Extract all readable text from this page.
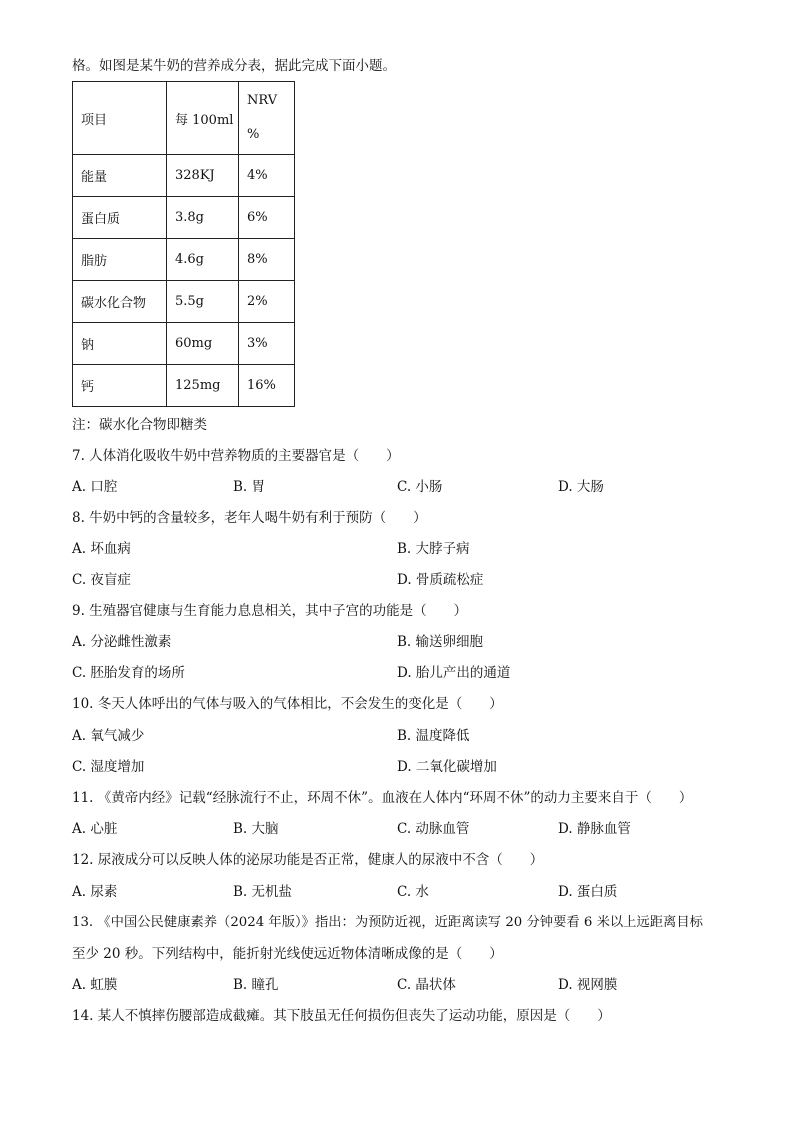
格。如图是某牛奶的营养成分表，据此完成下面小题。
项目	每 100ml	NRV
%

能量	328KJ	4%
蛋白质	3.8g	6%
脂肪	4.6g	8%
碳水化合物	5.5g	2%
钠	60mg	3%
钙	125mg	16%
注：碳水化合物即糖类
7. 人体消化吸收牛奶中营养物质的主要器官是（　　）
A. 口腔	B. 胃	C. 小肠	D. 大肠
8. 牛奶中钙的含量较多，老年人喝牛奶有利于预防（　　）
A. 坏血病	B. 大脖子病
C. 夜盲症	D. 骨质疏松症
9. 生殖器官健康与生育能力息息相关，其中子宫的功能是（　　）
A. 分泌雌性激素	B. 输送卵细胞
C. 胚胎发育的场所	D. 胎儿产出的通道
10. 冬天人体呼出的气体与吸入的气体相比，不会发生的变化是（　　）
A. 氧气减少	B. 温度降低
C. 湿度增加	D. 二氧化碳增加
11. 《黄帝内经》记载“经脉流行不止，环周不休”。血液在人体内“环周不休”的动力主要来自于（　　）
A. 心脏	B. 大脑	C. 动脉血管	D. 静脉血管
12. 尿液成分可以反映人体的泌尿功能是否正常，健康人的尿液中不含（　　）
A. 尿素	B. 无机盐	C. 水	D. 蛋白质
13. 《中国公民健康素养（2024 年版）》指出：为预防近视，近距离读写 20 分钟要看 6 米以上远距离目标
至少 20 秒。下列结构中，能折射光线使远近物体清晰成像的是（　　）
A. 虹膜	B. 瞳孔	C. 晶状体	D. 视网膜
14. 某人不慎摔伤腰部造成截瘫。其下肢虽无任何损伤但丧失了运动功能，原因是（　　）
